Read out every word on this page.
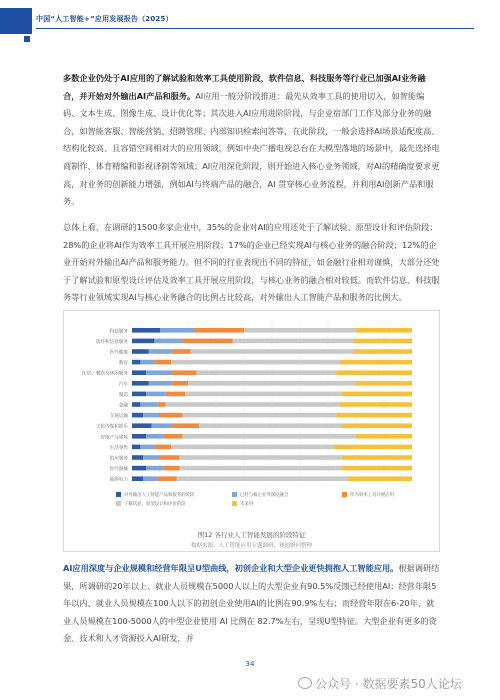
中国“人工智能+”应用发展报告（2025）
多数企业仍处于AI应用的了解试验和效率工具使用阶段，软件信息、科技服务等行业已加强AI业务融合，并开始对外输出AI产品和服务。AI应用一般分阶段推进：最先从效率工具的使用切入，如智能编码、文本生成、图像生成、设计优化等；其次进入AI应用进阶阶段，与企业宿部门工作及部分业务的融合，如智能客服、智能营销、招聘管理、内部知识检索问答等，在此阶段，一般会选择AI场景适配度高、结构化较高、且容错空间相对大的应用领域，例如中央广播电视总台在大模型落地的场景中，最先选择电商制作、体育精编和影视译制等领域；AI应用深化阶段，则开始进入核心业务领域，对AI的精确度要求更高，对业务的创新能力增强，例如AI与终端产品的融合，AI 贯穿核心业务流程，并利用AI创新产品和服务。
总体上看，在调研的1500多家企业中，35%的企业对AI的应用还处于了解试验、原型设计和评估阶段；28%的企业将AI作为效率工具开展应用阶段；17%的企业已经实现AI与核心业务的融合阶段；12%的企业开始对外输出AI产品和服务能力。但不同的行业表现出不同的特征，如金融行业相对谨慎，大部分还处于了解试验和原型设计评估及效率工具开展应用阶段，与核心业务的融合相对较低。而软件信息、科技服务等行业领域实现AI与核心业务融合的比例占比较高，对外输出人工智能产品和服务的比例大。
科技服务
软件和信息服务
医疗健康
教育
住宿、餐饮及休闲服务
汽车
制造
金融
交通运输
文化传媒和娱乐
房地产与建筑
生活零售
供应服务
医疗器械
能源电力
对外输出人工智能产品和服务的阶段	已经与核心业务深度融合	作为效率工具开展应用
了解试验、原型设计和评估阶段	未采用
图12 各行业人工智能发展的阶段特征
数据来源：人工智能应用专题调研，赛迪顾问整理
AI应用深度与企业规模和经营年限呈U型曲线，初创企业和大型企业更快拥抱人工智能应用。根据调研结果，所调研的20年以上、就业人员规模在5000人以上的大型企业有90.5%反馈已经使用AI；经营年限5年以内、就业人员规模在100人以下的初创企业使用AI的比例在90.9%左右；而经营年限在6-20年、就业人员规模在100-5000人的中型企业使用 AI 比例在 82.7%左右，呈现U型特征。大型企业有更多的资金、技术和人才资源投入AI研发，并
34
公众号 · 数据要素50人论坛
